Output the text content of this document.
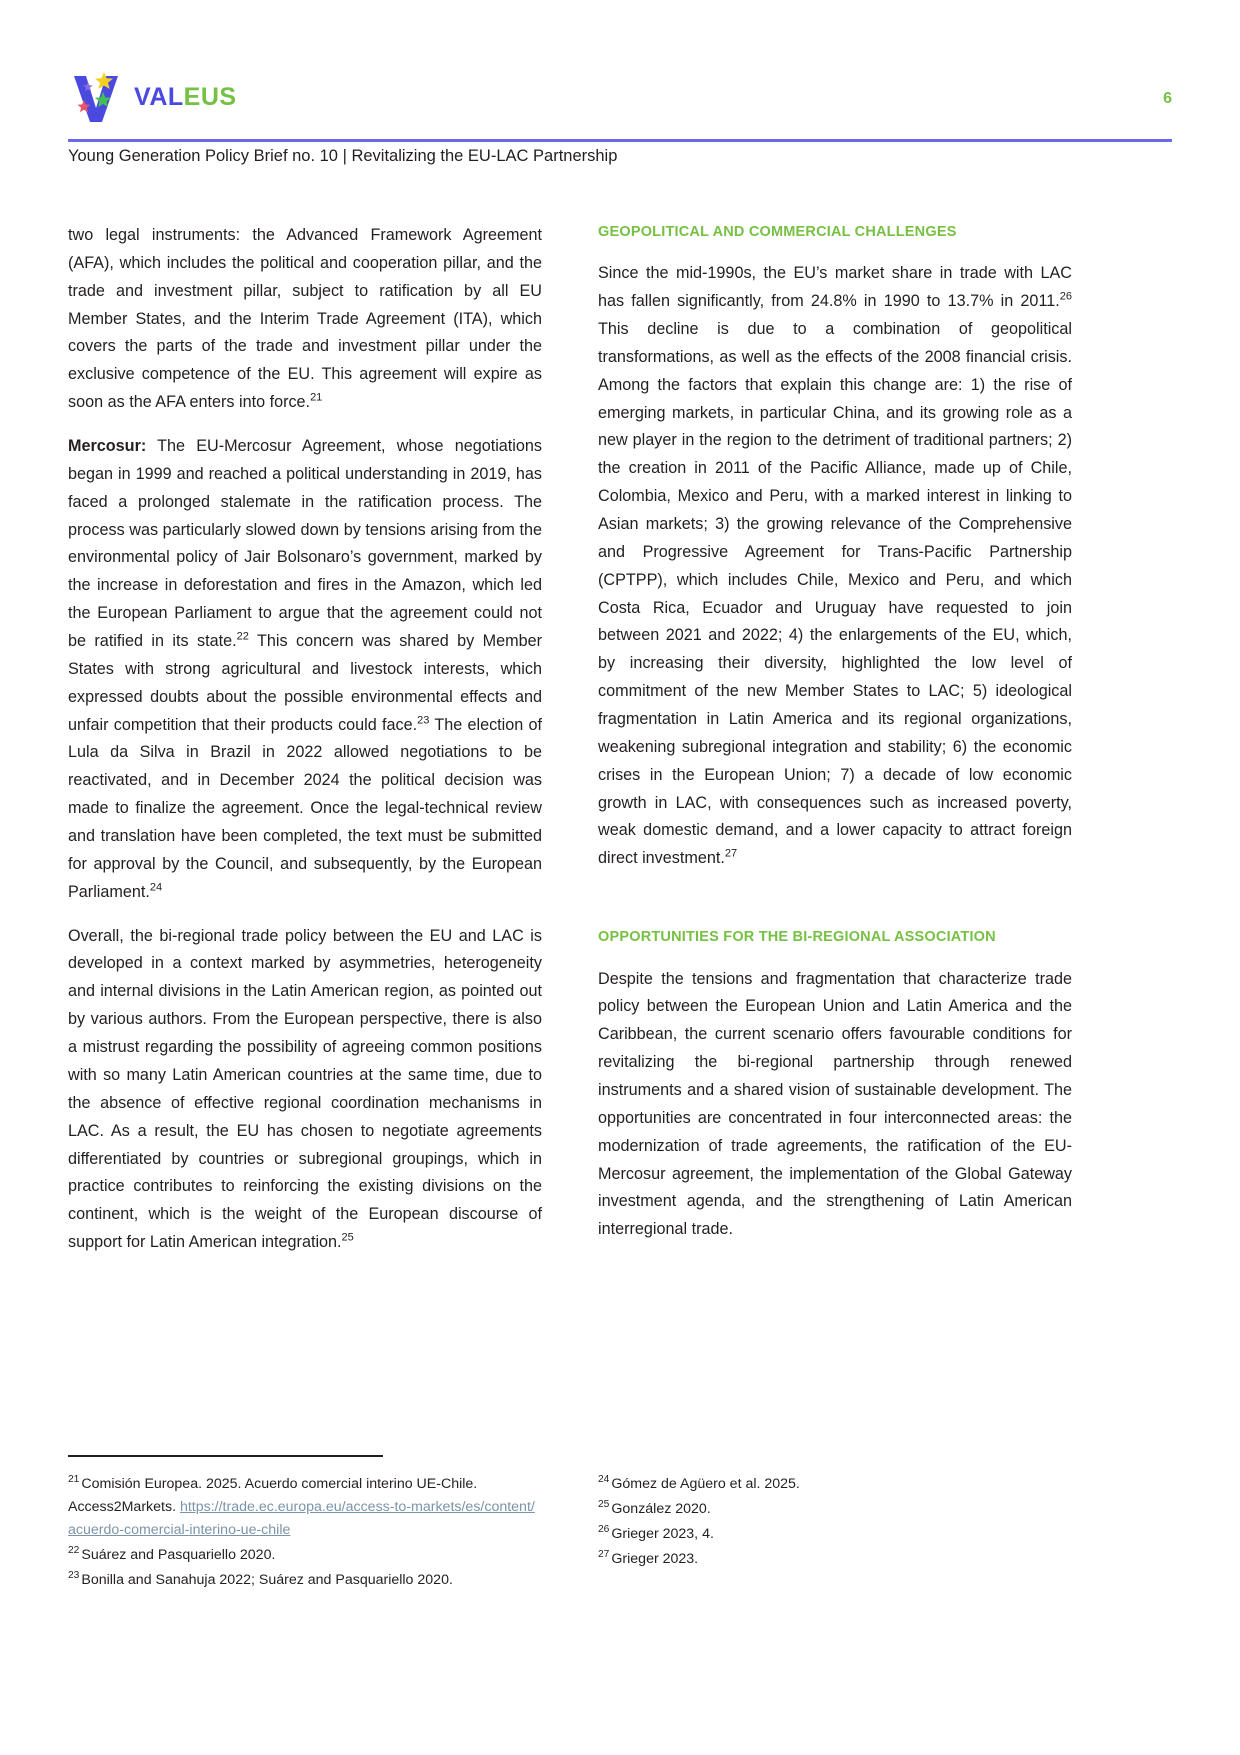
VALEUS	6
Young Generation Policy Brief no. 10 | Revitalizing the EU-LAC Partnership

two legal instruments: the Advanced Framework Agreement (AFA), which includes the political and cooperation pillar, and the trade and investment pillar, subject to ratification by all EU Member States, and the Interim Trade Agreement (ITA), which covers the parts of the trade and investment pillar under the exclusive competence of the EU. This agreement will expire as soon as the AFA enters into force.$^{21}$

Mercosur: The EU-Mercosur Agreement, whose negotiations began in 1999 and reached a political understanding in 2019, has faced a prolonged stalemate in the ratification process. The process was particularly slowed down by tensions arising from the environmental policy of Jair Bolsonaro’s government, marked by the increase in deforestation and fires in the Amazon, which led the European Parliament to argue that the agreement could not be ratified in its state.$^{22}$ This concern was shared by Member States with strong agricultural and livestock interests, which expressed doubts about the possible environmental effects and unfair competition that their products could face.$^{23}$ The election of Lula da Silva in Brazil in 2022 allowed negotiations to be reactivated, and in December 2024 the political decision was made to finalize the agreement. Once the legal-technical review and translation have been completed, the text must be submitted for approval by the Council, and subsequently, by the European Parliament.$^{24}$

Overall, the bi-regional trade policy between the EU and LAC is developed in a context marked by asymmetries, heterogeneity and internal divisions in the Latin American region, as pointed out by various authors. From the European perspective, there is also a mistrust regarding the possibility of agreeing common positions with so many Latin American countries at the same time, due to the absence of effective regional coordination mechanisms in LAC. As a result, the EU has chosen to negotiate agreements differentiated by countries or subregional groupings, which in practice contributes to reinforcing the existing divisions on the continent, which is the weight of the European discourse of support for Latin American integration.$^{25}$

GEOPOLITICAL AND COMMERCIAL CHALLENGES

Since the mid-1990s, the EU’s market share in trade with LAC has fallen significantly, from 24.8% in 1990 to 13.7% in 2011.26 This decline is due to a combination of geopolitical transformations, as well as the effects of the 2008 financial crisis. Among the factors that explain this change are: 1) the rise of emerging markets, in particular China, and its growing role as a new player in the region to the detriment of traditional partners; 2) the creation in 2011 of the Pacific Alliance, made up of Chile, Colombia, Mexico and Peru, with a marked interest in linking to Asian markets; 3) the growing relevance of the Comprehensive and Progressive Agreement for Trans-Pacific Partnership (CPTPP), which includes Chile, Mexico and Peru, and which Costa Rica, Ecuador and Uruguay have requested to join between 2021 and 2022; 4) the enlargements of the EU, which, by increasing their diversity, highlighted the low level of commitment of the new Member States to LAC; 5) ideological fragmentation in Latin America and its regional organizations, weakening subregional integration and stability; 6) the economic crises in the European Union; 7) a decade of low economic growth in LAC, with consequences such as increased poverty, weak domestic demand, and a lower capacity to attract foreign direct investment.$^{27}$

OPPORTUNITIES FOR THE BI-REGIONAL ASSOCIATION

Despite the tensions and fragmentation that characterize trade policy between the European Union and Latin America and the Caribbean, the current scenario offers favourable conditions for revitalizing the bi-regional partnership through renewed instruments and a shared vision of sustainable development. The opportunities are concentrated in four interconnected areas: the modernization of trade agreements, the ratification of the EU-Mercosur agreement, the implementation of the Global Gateway investment agenda, and the strengthening of Latin American interregional trade.

$^{21}$ Comisión Europea. 2025. Acuerdo comercial interino UE-Chile. Access2Markets. https://trade.ec.europa.eu/access-to-markets/es/content/acuerdo-comercial-interino-ue-chile
$^{22}$ Suárez and Pasquariello 2020.
$^{23}$ Bonilla and Sanahuja 2022; Suárez and Pasquariello 2020.
$^{24}$ Gómez de Agüero et al. 2025.
$^{25}$ González 2020.
$^{26}$ Grieger 2023, 4.
$^{27}$ Grieger 2023.
